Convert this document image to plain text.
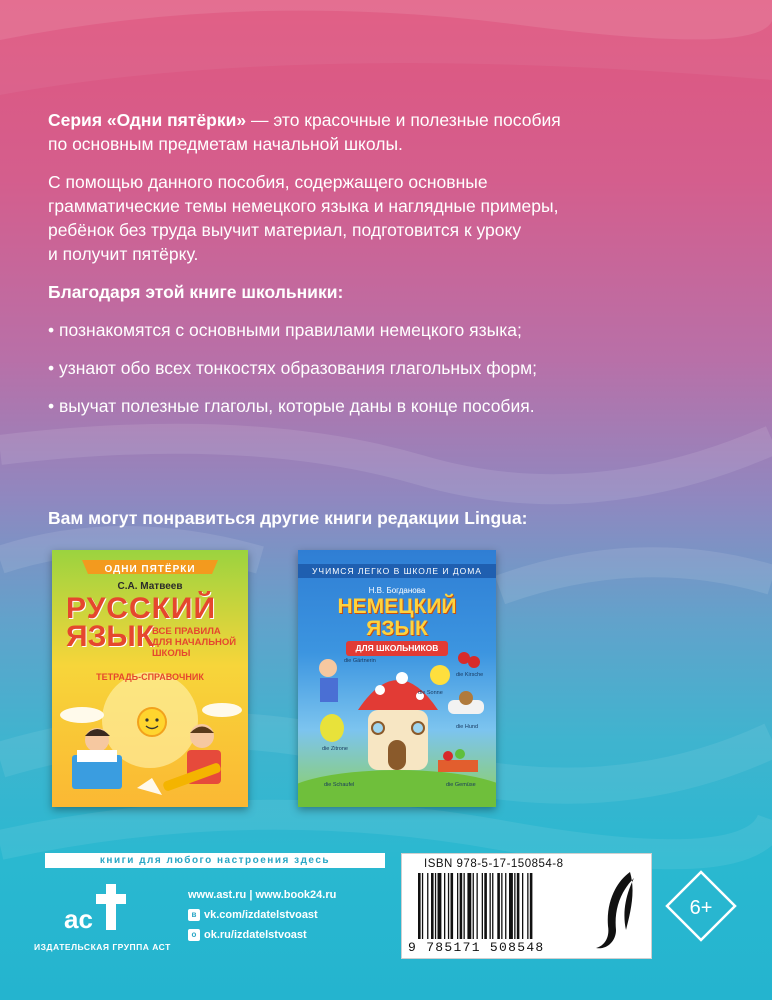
Серия «Одни пятёрки» — это красочные и полезные пособия
по основным предметам начальной школы.

С помощью данного пособия, содержащего основные
грамматические темы немецкого языка и наглядные примеры,
ребёнок без труда выучит материал, подготовится к уроку
и получит пятёрку.

Благодаря этой книге школьники:

• познакомятся с основными правилами немецкого языка;
• узнают обо всех тонкостях образования глагольных форм;
• выучат полезные глаголы, которые даны в конце пособия.
Вам могут понравиться другие книги редакции Lingua:
ОДНИ ПЯТЁРКИ
С.А. Матвеев
РУССКИЙ
ЯЗЫК
ВСЕ ПРАВИЛА ДЛЯ НАЧАЛЬНОЙ ШКОЛЫ
ТЕТРАДЬ-СПРАВОЧНИК
УЧИМСЯ ЛЕГКО В ШКОЛЕ И ДОМА
Н.В. Богданова
НЕМЕЦКИЙ
ЯЗЫК
ДЛЯ ШКОЛЬНИКОВ
die Gärtnerin
die Sonne
die Kirsche
die Hund
die Zitrone
die Schaufel	die Gemüse
книги для любого настроения здесь
ac
ИЗДАТЕЛЬСКАЯ ГРУППА АСТ
www.ast.ru | www.book24.ru
в vk.com/izdatelstvoast
о ok.ru/izdatelstvoast
ISBN 978-5-17-150854-8
9 785171 508548
6+
